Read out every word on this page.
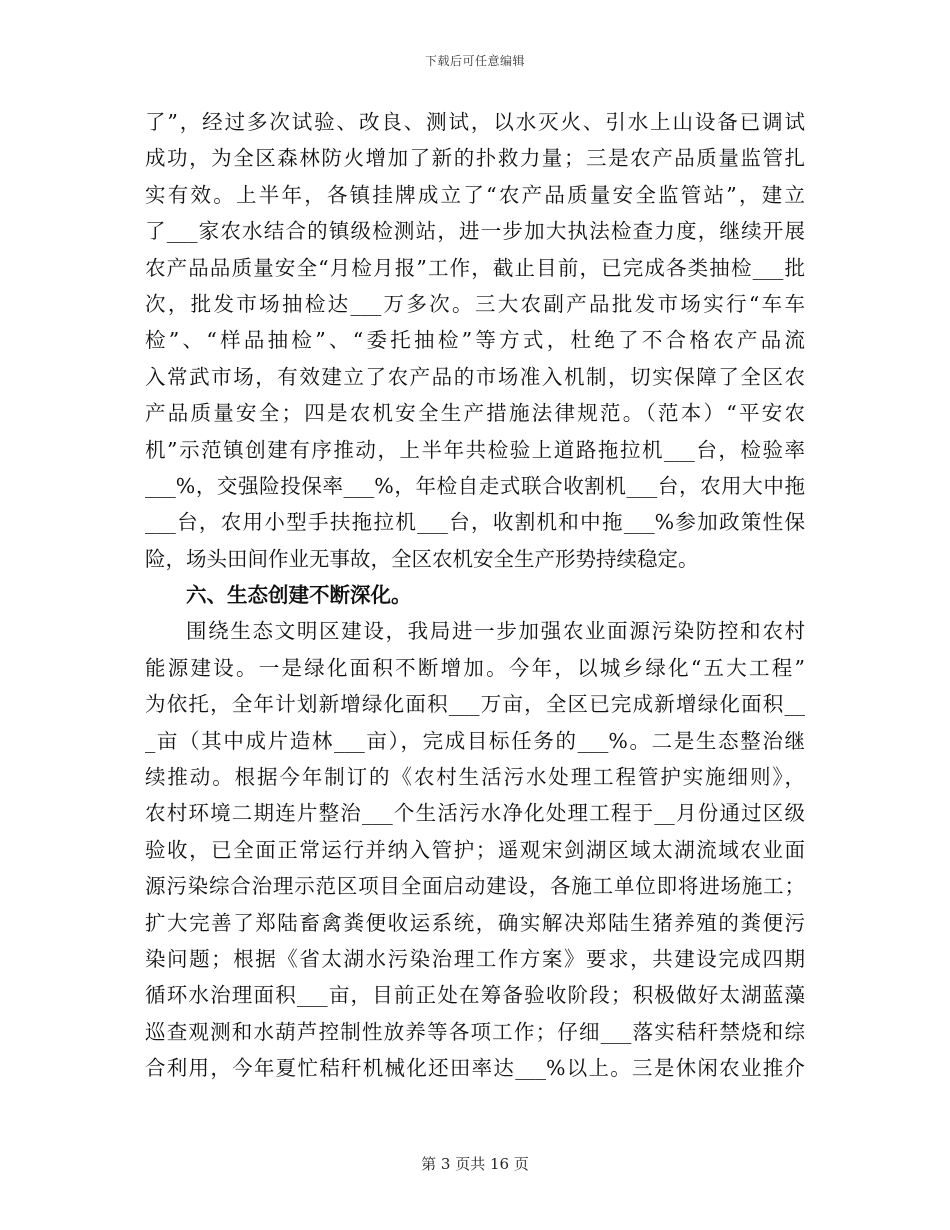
下载后可任意编辑
了”，经过多次试验、改良、测试，以水灭火、引水上山设备已调试
成功，为全区森林防火增加了新的扑救力量；三是农产品质量监管扎
实有效。上半年，各镇挂牌成立了“农产品质量安全监管站”，建立
了___家农水结合的镇级检测站，进一步加大执法检查力度，继续开展
农产品品质量安全“月检月报”工作，截止目前，已完成各类抽检___批
次，批发市场抽检达___万多次。三大农副产品批发市场实行“车车
检”、“样品抽检”、“委托抽检”等方式，杜绝了不合格农产品流
入常武市场，有效建立了农产品的市场准入机制，切实保障了全区农
产品质量安全；四是农机安全生产措施法律规范。（范本）“平安农
机”示范镇创建有序推动，上半年共检验上道路拖拉机___台，检验率
___%，交强险投保率___%，年检自走式联合收割机___台，农用大中拖
___台，农用小型手扶拖拉机___台，收割机和中拖___%参加政策性保
险，场头田间作业无事故，全区农机安全生产形势持续稳定。
六、生态创建不断深化。
围绕生态文明区建设，我局进一步加强农业面源污染防控和农村
能源建设。一是绿化面积不断增加。今年，以城乡绿化“五大工程”
为依托，全年计划新增绿化面积___万亩，全区已完成新增绿化面积__
_亩（其中成片造林___亩），完成目标任务的___%。二是生态整治继
续推动。根据今年制订的《农村生活污水处理工程管护实施细则》，
农村环境二期连片整治___个生活污水净化处理工程于__月份通过区级
验收，已全面正常运行并纳入管护；遥观宋剑湖区域太湖流域农业面
源污染综合治理示范区项目全面启动建设，各施工单位即将进场施工；
扩大完善了郑陆畜禽粪便收运系统，确实解决郑陆生猪养殖的粪便污
染问题；根据《省太湖水污染治理工作方案》要求，共建设完成四期
循环水治理面积___亩，目前正处在筹备验收阶段；积极做好太湖蓝藻
巡查观测和水葫芦控制性放养等各项工作；仔细___落实秸秆禁烧和综
合利用，今年夏忙秸秆机械化还田率达___%以上。三是休闲农业推介
第 3 页共 16 页
